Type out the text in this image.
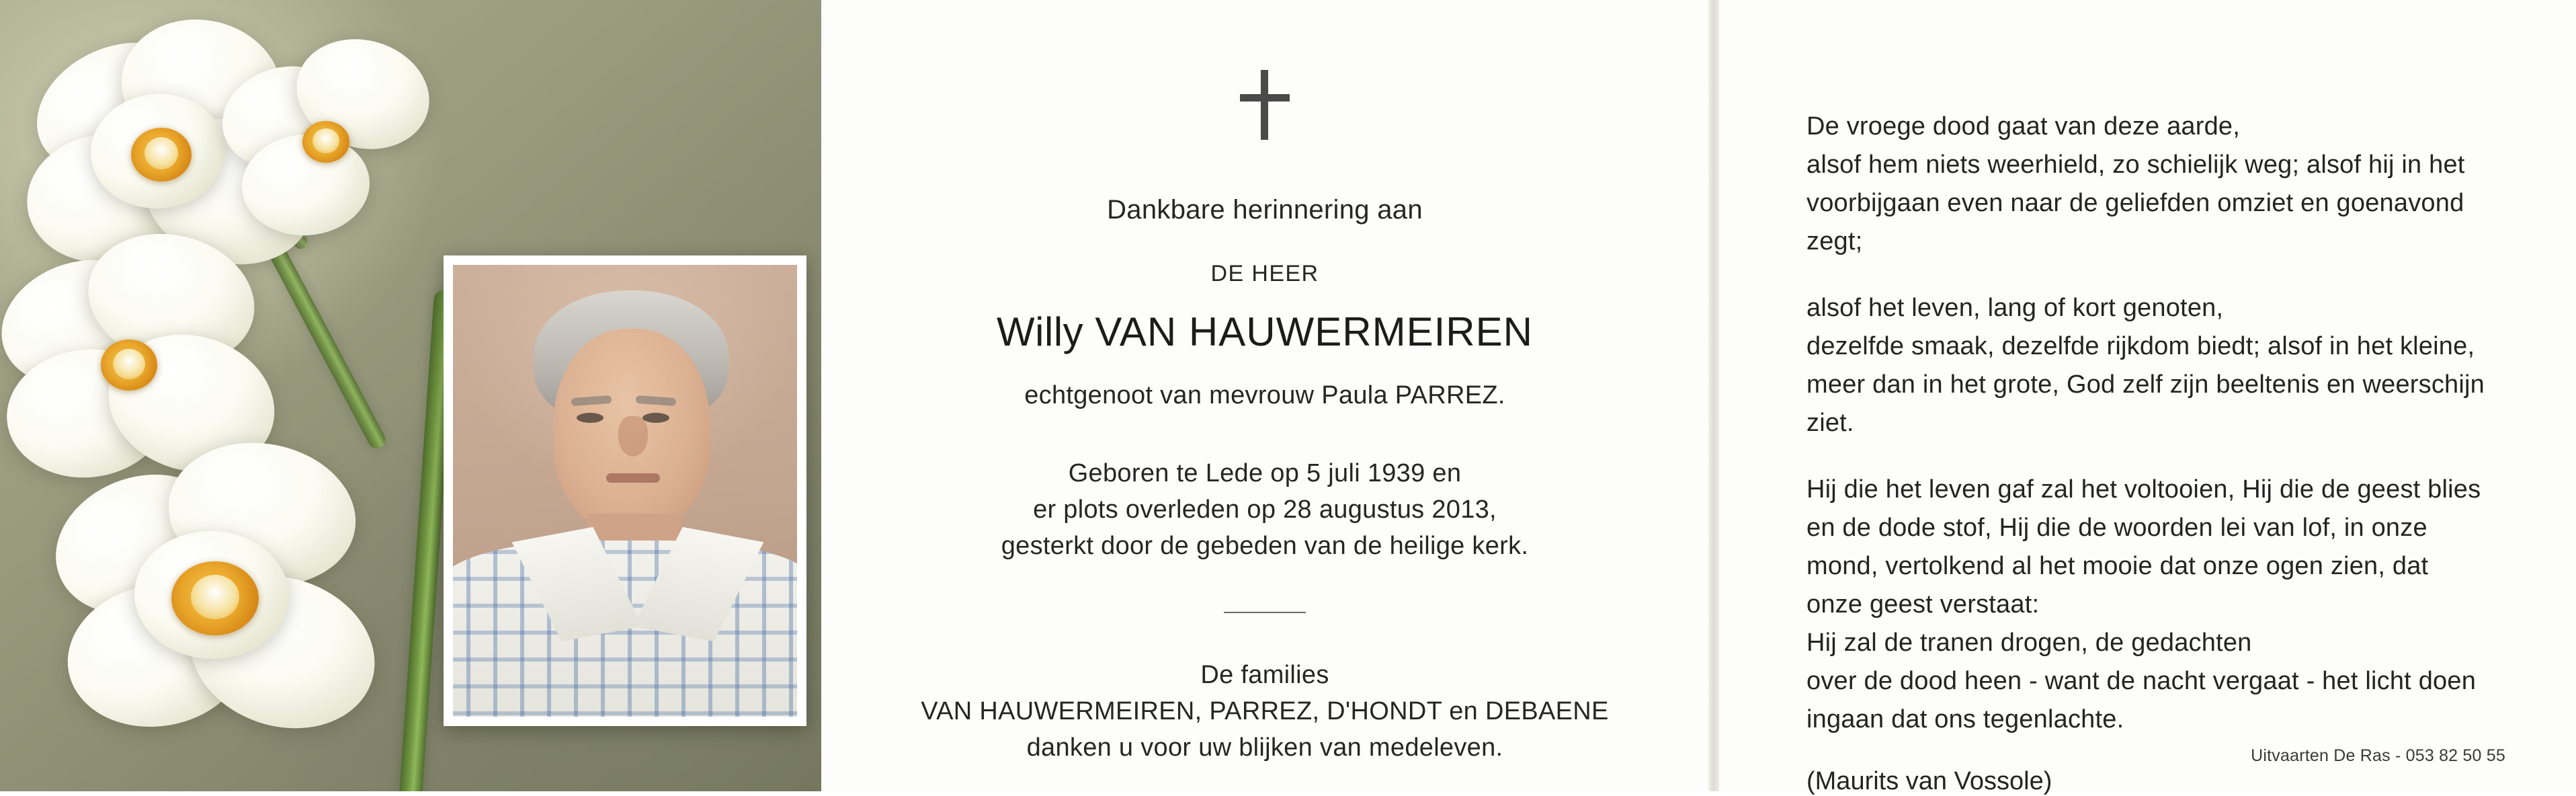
Dankbare herinnering aan
DE HEER
Willy VAN HAUWERMEIREN
echtgenoot van mevrouw Paula PARREZ.
Geboren te Lede op 5 juli 1939 en
er plots overleden op 28 augustus 2013,
gesterkt door de gebeden van de heilige kerk.
De families
VAN HAUWERMEIREN, PARREZ, D'HONDT en DEBAENE
danken u voor uw blijken van medeleven.
De vroege dood gaat van deze aarde,
alsof hem niets weerhield, zo schielijk weg; alsof hij in het
voorbijgaan even naar de geliefden omziet en goenavond
zegt;
alsof het leven, lang of kort genoten,
dezelfde smaak, dezelfde rijkdom biedt; alsof in het kleine,
meer dan in het grote, God zelf zijn beeltenis en weerschijn
ziet.
Hij die het leven gaf zal het voltooien, Hij die de geest blies
en de dode stof, Hij die de woorden lei van lof, in onze
mond, vertolkend al het mooie dat onze ogen zien, dat
onze geest verstaat:
Hij zal de tranen drogen, de gedachten
over de dood heen - want de nacht vergaat - het licht doen
ingaan dat ons tegenlachte.
(Maurits van Vossole)
Uitvaarten De Ras - 053 82 50 55
